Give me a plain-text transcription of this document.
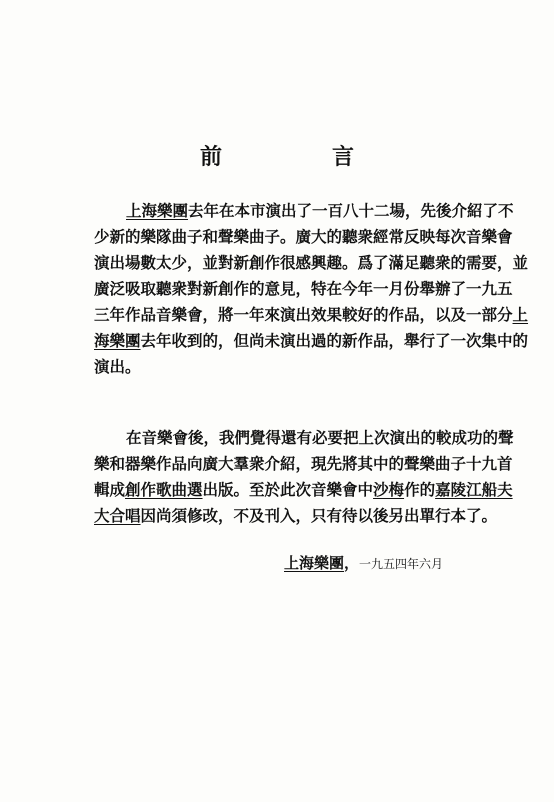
前　言
上海樂團去年在本市演出了一百八十二場，先後介紹了不
少新的樂隊曲子和聲樂曲子。廣大的聽衆經常反映每次音樂會
演出場數太少，並對新創作很感興趣。爲了滿足聽衆的需要，並
廣泛吸取聽衆對新創作的意見，特在今年一月份舉辦了一九五
三年作品音樂會，將一年來演出效果較好的作品，以及一部分上
海樂團去年收到的，但尚未演出過的新作品，舉行了一次集中的
演出。
在音樂會後，我們覺得還有必要把上次演出的較成功的聲
樂和器樂作品向廣大羣衆介紹，現先將其中的聲樂曲子十九首
輯成創作歌曲選出版。至於此次音樂會中沙梅作的嘉陵江船夫
大合唱因尚須修改，不及刊入，只有待以後另出單行本了。
上海樂團，一九五四年六月
